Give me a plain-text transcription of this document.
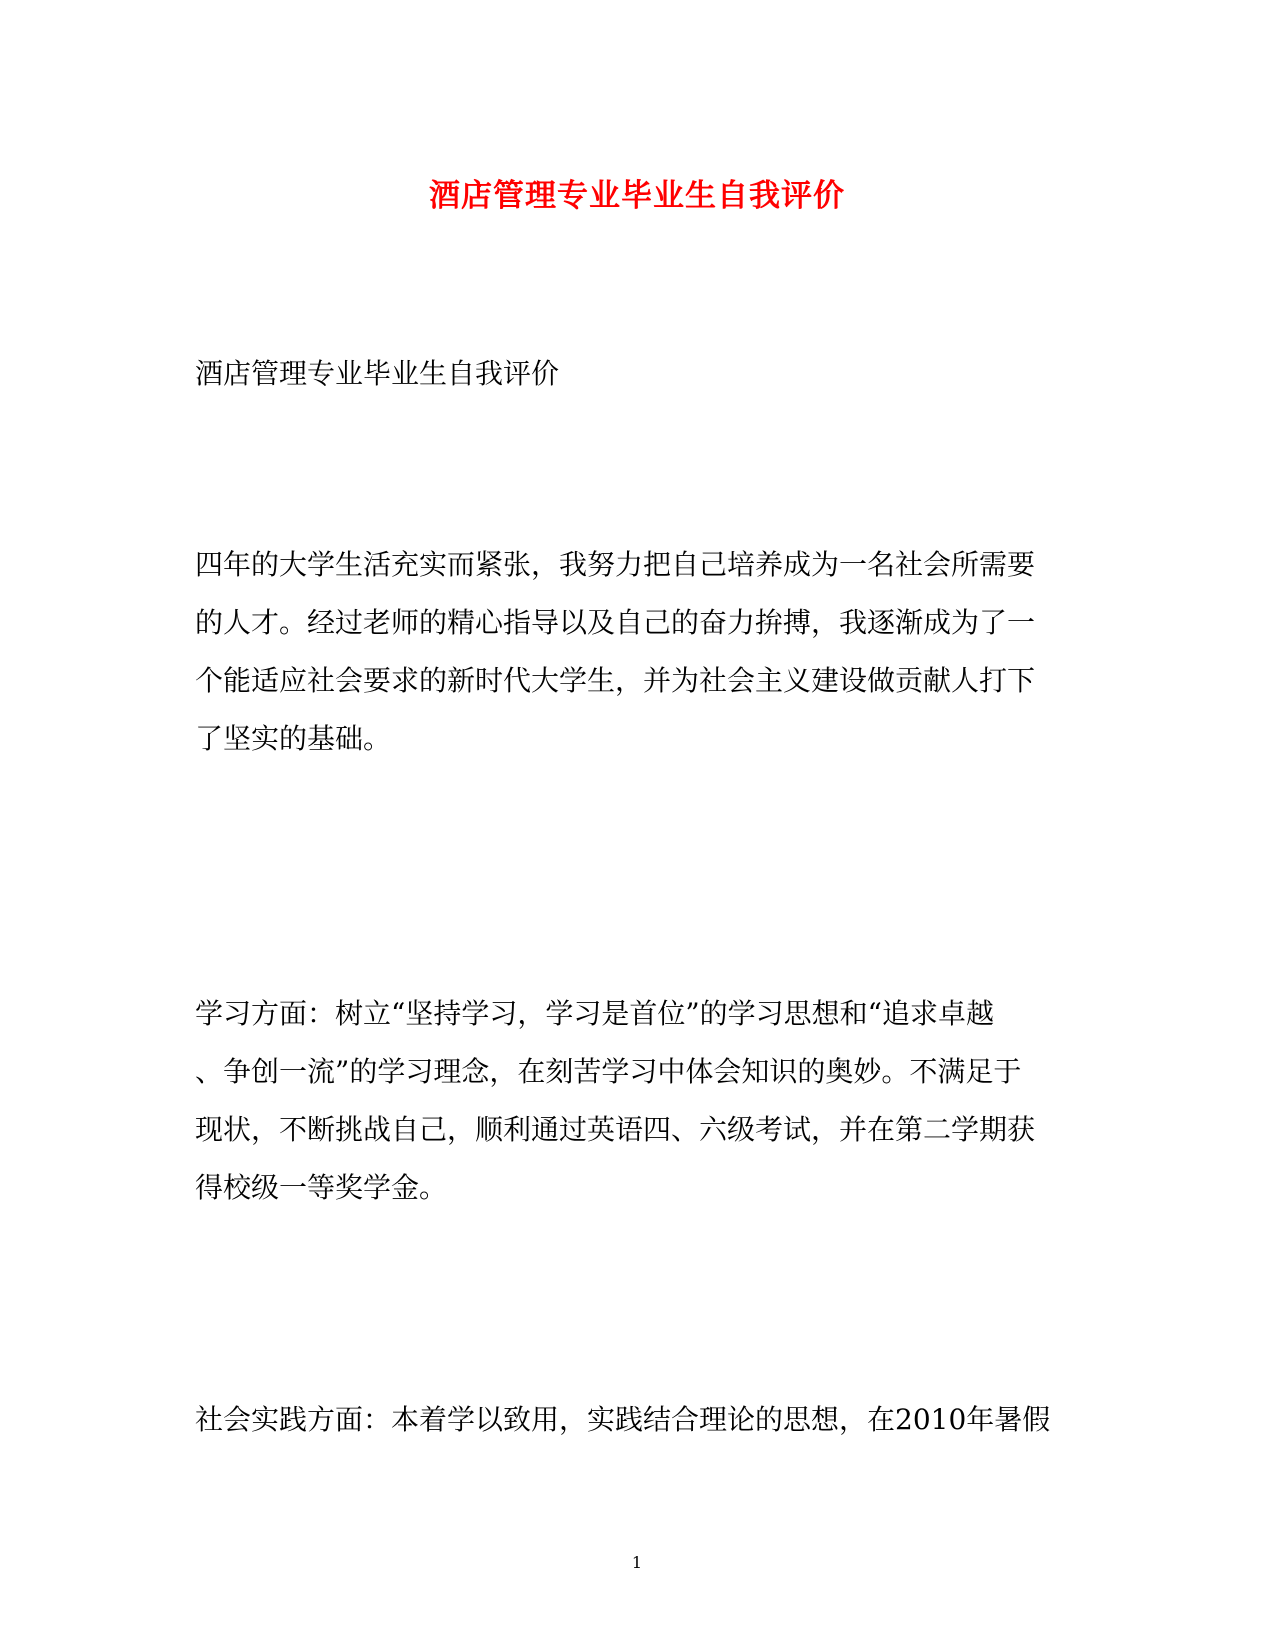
酒店管理专业毕业生自我评价

酒店管理专业毕业生自我评价

四年的大学生活充实而紧张，我努力把自己培养成为一名社会所需要
的人才。经过老师的精心指导以及自己的奋力拚搏，我逐渐成为了一
个能适应社会要求的新时代大学生，并为社会主义建设做贡献人打下
了坚实的基础。

学习方面：树立“坚持学习，学习是首位”的学习思想和“追求卓越
、争创一流”的学习理念，在刻苦学习中体会知识的奥妙。不满足于
现状，不断挑战自己，顺利通过英语四、六级考试，并在第二学期获
得校级一等奖学金。

社会实践方面：本着学以致用，实践结合理论的思想，在2010年暑假

1
